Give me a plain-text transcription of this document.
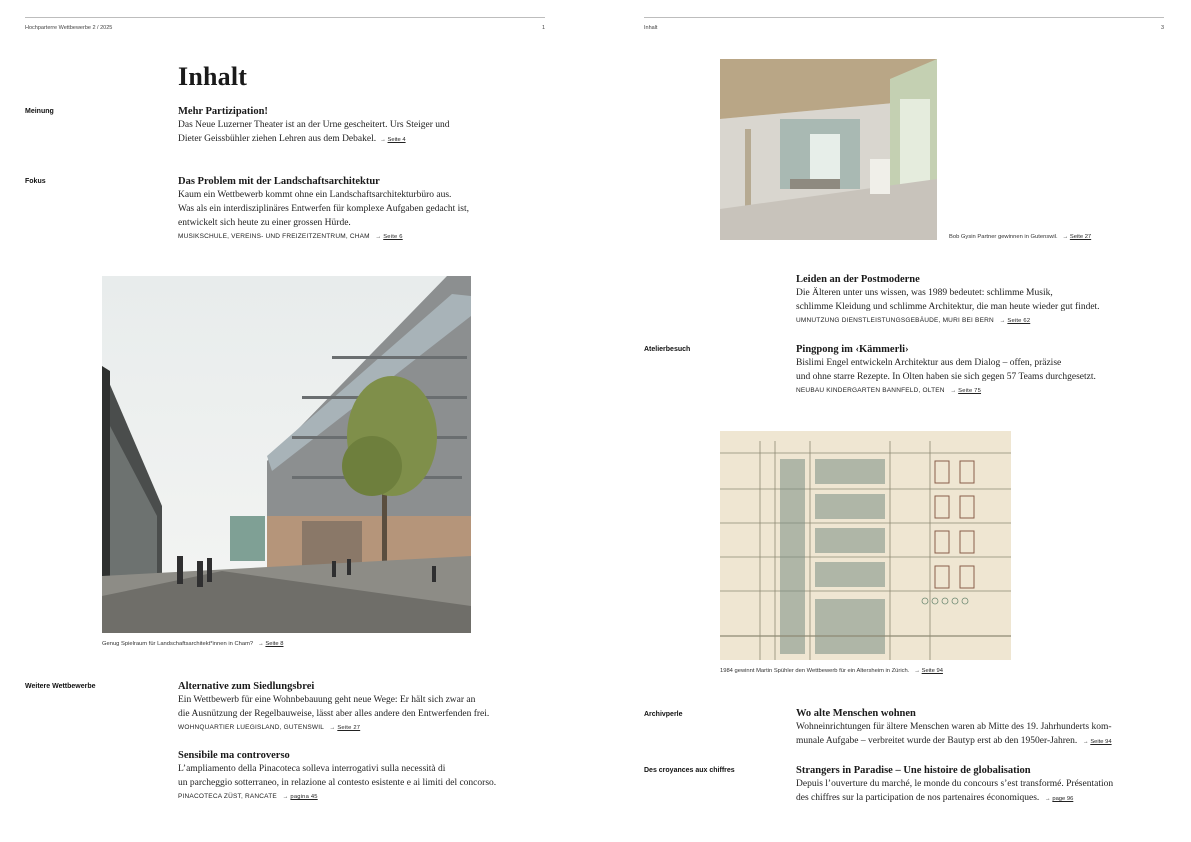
Hochparterre Wettbewerbe 2 / 2025	1
Inhalt
Meinung	Mehr Partizipation!
Das Neue Luzerner Theater ist an der Urne gescheitert. Urs Steiger und
Dieter Geissbühler ziehen Lehren aus dem Debakel. → Seite 4
Fokus	Das Problem mit der Landschaftsarchitektur
Kaum ein Wettbewerb kommt ohne ein Landschaftsarchitekturbüro aus.
Was als ein interdisziplinäres Entwerfen für komplexe Aufgaben gedacht ist,
entwickelt sich heute zu einer grossen Hürde.
MUSIKSCHULE, VEREINS- UND FREIZEITZENTRUM, CHAM → Seite 6
Genug Spielraum für Landschaftsarchitekt*innen in Cham? → Seite 8
Weitere Wettbewerbe	Alternative zum Siedlungsbrei
Ein Wettbewerb für eine Wohnbebauung geht neue Wege: Er hält sich zwar an
die Ausnützung der Regelbauweise, lässt aber alles andere den Entwerfenden frei.
WOHNQUARTIER LUEGISLAND, GUTENSWIL → Seite 27
Sensibile ma controverso
L’ampliamento della Pinacoteca solleva interrogativi sulla necessità di
un parcheggio sotterraneo, in relazione al contesto esistente e ai limiti del concorso.
PINACOTECA ZÜST, RANCATE → pagina 45
Inhalt	3
Bob Gysin Partner gewinnen in Gutenswil. → Seite 27
Leiden an der Postmoderne
Die Älteren unter uns wissen, was 1989 bedeutet: schlimme Musik,
schlimme Kleidung und schlimme Architektur, die man heute wieder gut findet.
UMNUTZUNG DIENSTLEISTUNGSGEBÄUDE, MURI BEI BERN → Seite 62
Atelierbesuch	Pingpong im ‹Kämmerli›
Bislimi Engel entwickeln Architektur aus dem Dialog – offen, präzise
und ohne starre Rezepte. In Olten haben sie sich gegen 57 Teams durchgesetzt.
NEUBAU KINDERGARTEN BANNFELD, OLTEN → Seite 75
1984 gewinnt Martin Spühler den Wettbewerb für ein Altersheim in Zürich. → Seite 94
Archivperle	Wo alte Menschen wohnen
Wohneinrichtungen für ältere Menschen waren ab Mitte des 19. Jahrhunderts kom-
munale Aufgabe – verbreitet wurde der Bautyp erst ab den 1950er-Jahren. → Seite 94
Des croyances aux chiffres	Strangers in Paradise – Une histoire de globalisation
Depuis l’ouverture du marché, le monde du concours s’est transformé. Présentation
des chiffres sur la participation de nos partenaires économiques. → page 96
